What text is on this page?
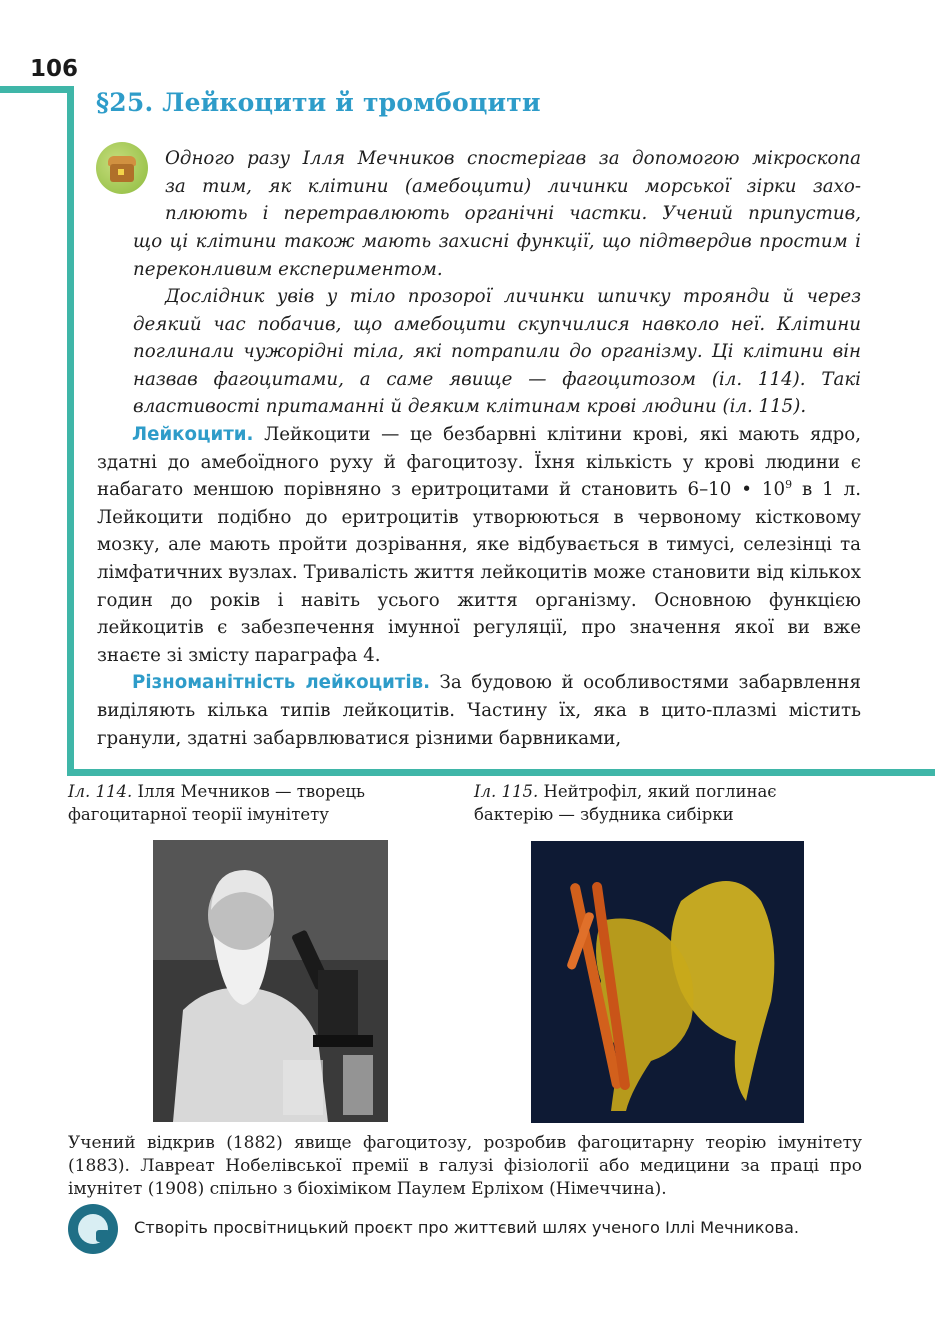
106
§25. Лейкоцити й тромбоцити
Одного разу Ілля Мечников спостерігав за допомогою мікроскопа
за тим, як клітини (амебоцити) личинки морської зірки захо-
плюють і перетравлюють органічні частки. Учений припустив,
що ці клітини також мають захисні функції, що підтвердив простим і переконливим експериментом.
Дослідник увів у тіло прозорої личинки шпичку троянди й через деякий час побачив, що амебоцити скупчилися навколо неї. Клітини поглинали чужорідні тіла, які потрапили до організму. Ці клітини він назвав фагоцитами, а саме явище — фагоцитозом (іл. 114). Такі властивості притаманні й деяким клітинам крові людини (іл. 115).

Лейкоцити. Лейкоцити — це безбарвні клітини крові, які мають ядро, здатні до амебоїдного руху й фагоцитозу. Їхня кількість у крові людини є набагато меншою порівняно з еритроцитами й становить 6–10 • $10^9$ в 1 л. Лейкоцити подібно до еритроцитів утворюються в червоному кістковому мозку, але мають пройти дозрівання, яке відбувається в тимусі, селезінці та лімфатичних вузлах. Тривалість життя лейкоцитів може становити від кількох годин до років і навіть усього життя організму. Основною функцією лейкоцитів є забезпечення імунної регуляції, про значення якої ви вже знаєте зі змісту параграфа 4.

Різноманітність лейкоцитів. За будовою й особливостями забарвлення виділяють кілька типів лейкоцитів. Частину їх, яка в цито-плазмі містить гранули, здатні забарвлюватися різними барвниками,

Іл. 114. Ілля Мечников — творець фагоцитарної теорії імунітету
Іл. 115. Нейтрофіл, який поглинає бактерію — збудника сибірки
Учений відкрив (1882) явище фагоцитозу, розробив фагоцитарну теорію імунітету (1883). Лавреат Нобелівської премії в галузі фізіології або медицини за праці про імунітет (1908) спільно з біохіміком Паулем Ерліхом (Німеччина).
Створіть просвітницький проєкт про життєвий шлях ученого Іллі Мечникова.
